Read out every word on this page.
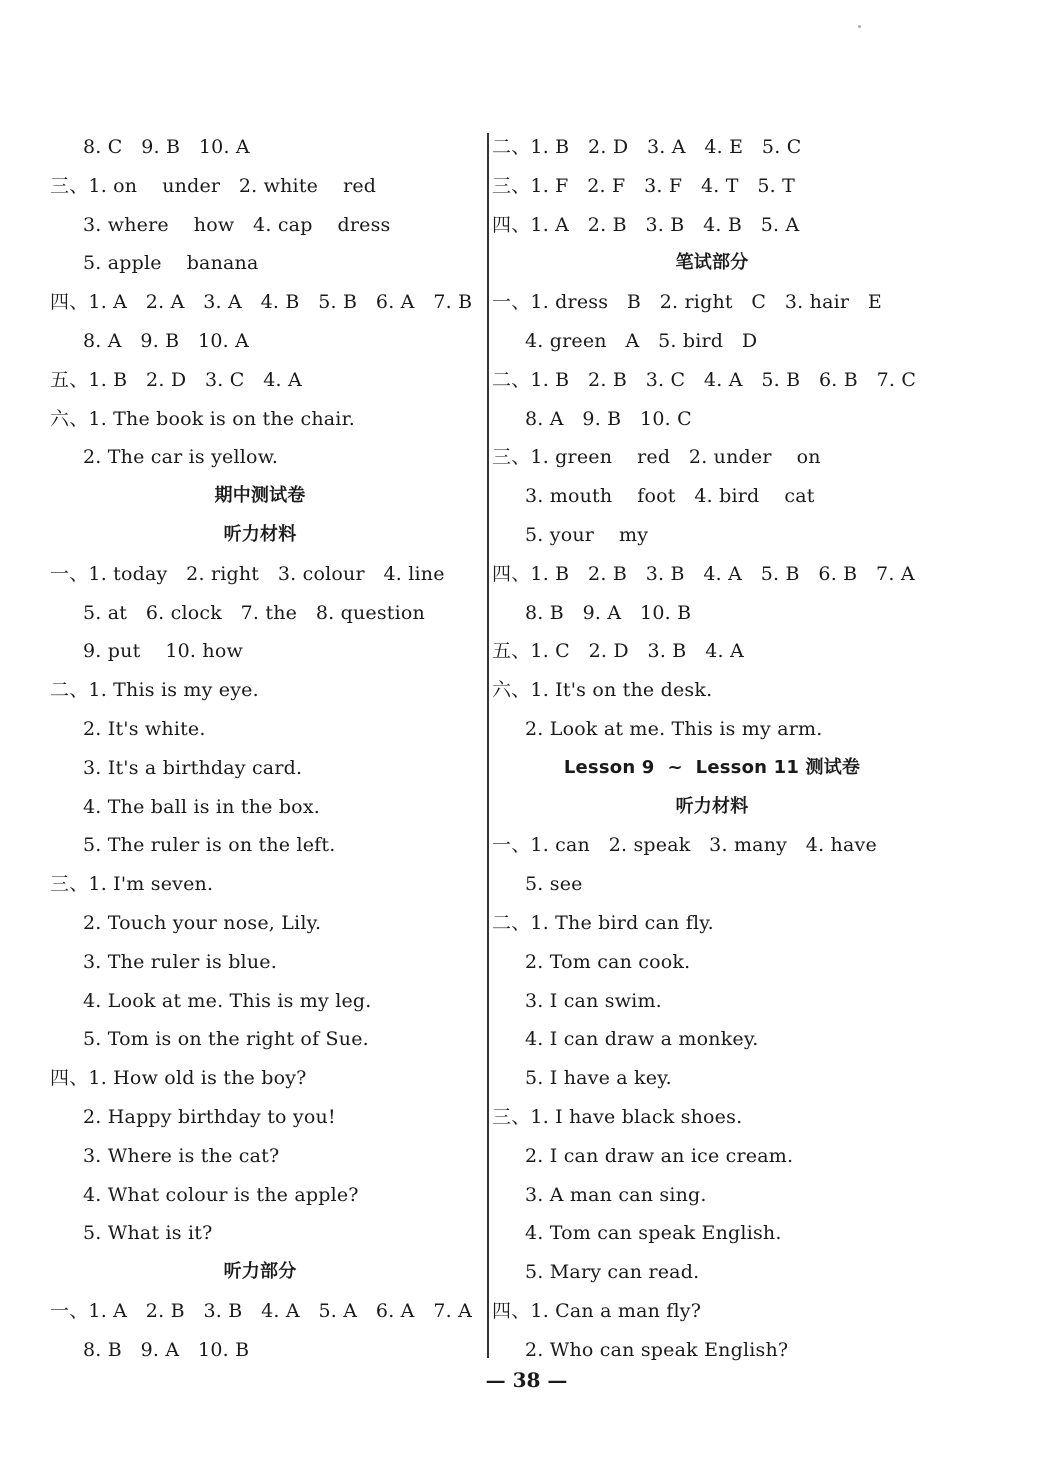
8. C   9. B   10. A
三、1. on    under   2. white    red
3. where    how   4. cap    dress
5. apple    banana
四、1. A   2. A   3. A   4. B   5. B   6. A   7. B
8. A   9. B   10. A
五、1. B   2. D   3. C   4. A
六、1. The book is on the chair.
2. The car is yellow.
期中测试卷
听力材料
一、1. today   2. right   3. colour   4. line
5. at   6. clock   7. the   8. question
9. put    10. how
二、1. This is my eye.
2. It's white.
3. It's a birthday card.
4. The ball is in the box.
5. The ruler is on the left.
三、1. I'm seven.
2. Touch your nose, Lily.
3. The ruler is blue.
4. Look at me. This is my leg.
5. Tom is on the right of Sue.
四、1. How old is the boy?
2. Happy birthday to you!
3. Where is the cat?
4. What colour is the apple?
5. What is it?
听力部分
一、1. A   2. B   3. B   4. A   5. A   6. A   7. A
8. B   9. A   10. B
二、1. B   2. D   3. A   4. E   5. C
三、1. F   2. F   3. F   4. T   5. T
四、1. A   2. B   3. B   4. B   5. A
笔试部分
一、1. dress   B   2. right   C   3. hair   E
4. green   A   5. bird   D
二、1. B   2. B   3. C   4. A   5. B   6. B   7. C
8. A   9. B   10. C
三、1. green    red   2. under    on
3. mouth    foot   4. bird    cat
5. your    my
四、1. B   2. B   3. B   4. A   5. B   6. B   7. A
8. B   9. A   10. B
五、1. C   2. D   3. B   4. A
六、1. It's on the desk.
2. Look at me. This is my arm.
Lesson 9  ~  Lesson 11 测试卷
听力材料
一、1. can   2. speak   3. many   4. have
5. see
二、1. The bird can fly.
2. Tom can cook.
3. I can swim.
4. I can draw a monkey.
5. I have a key.
三、1. I have black shoes.
2. I can draw an ice cream.
3. A man can sing.
4. Tom can speak English.
5. Mary can read.
四、1. Can a man fly?
2. Who can speak English?
— 38 —
